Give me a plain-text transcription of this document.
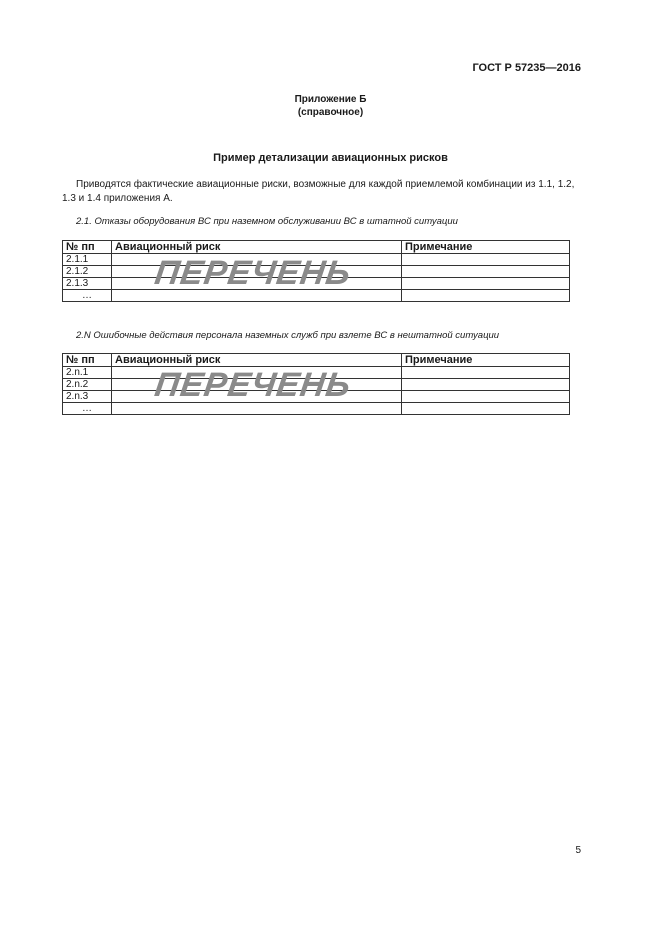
ГОСТ Р 57235—2016
Приложение Б
(справочное)
Пример детализации авиационных рисков
Приводятся фактические авиационные риски, возможные для каждой приемлемой комбинации из 1.1, 1.2,
1.3 и 1.4 приложения А.
2.1. Отказы оборудования ВС при наземном обслуживании ВС в штатной ситуации
№ пп	Авиационный риск	Примечание
2.1.1		
2.1.2		
2.1.3		
…		
ПЕРЕЧЕНЬ
2.N Ошибочные действия персонала наземных служб при взлете ВС в нештатной ситуации
№ пп	Авиационный риск	Примечание
2.n.1		
2.n.2		
2.n.3		
…		
ПЕРЕЧЕНЬ
5
